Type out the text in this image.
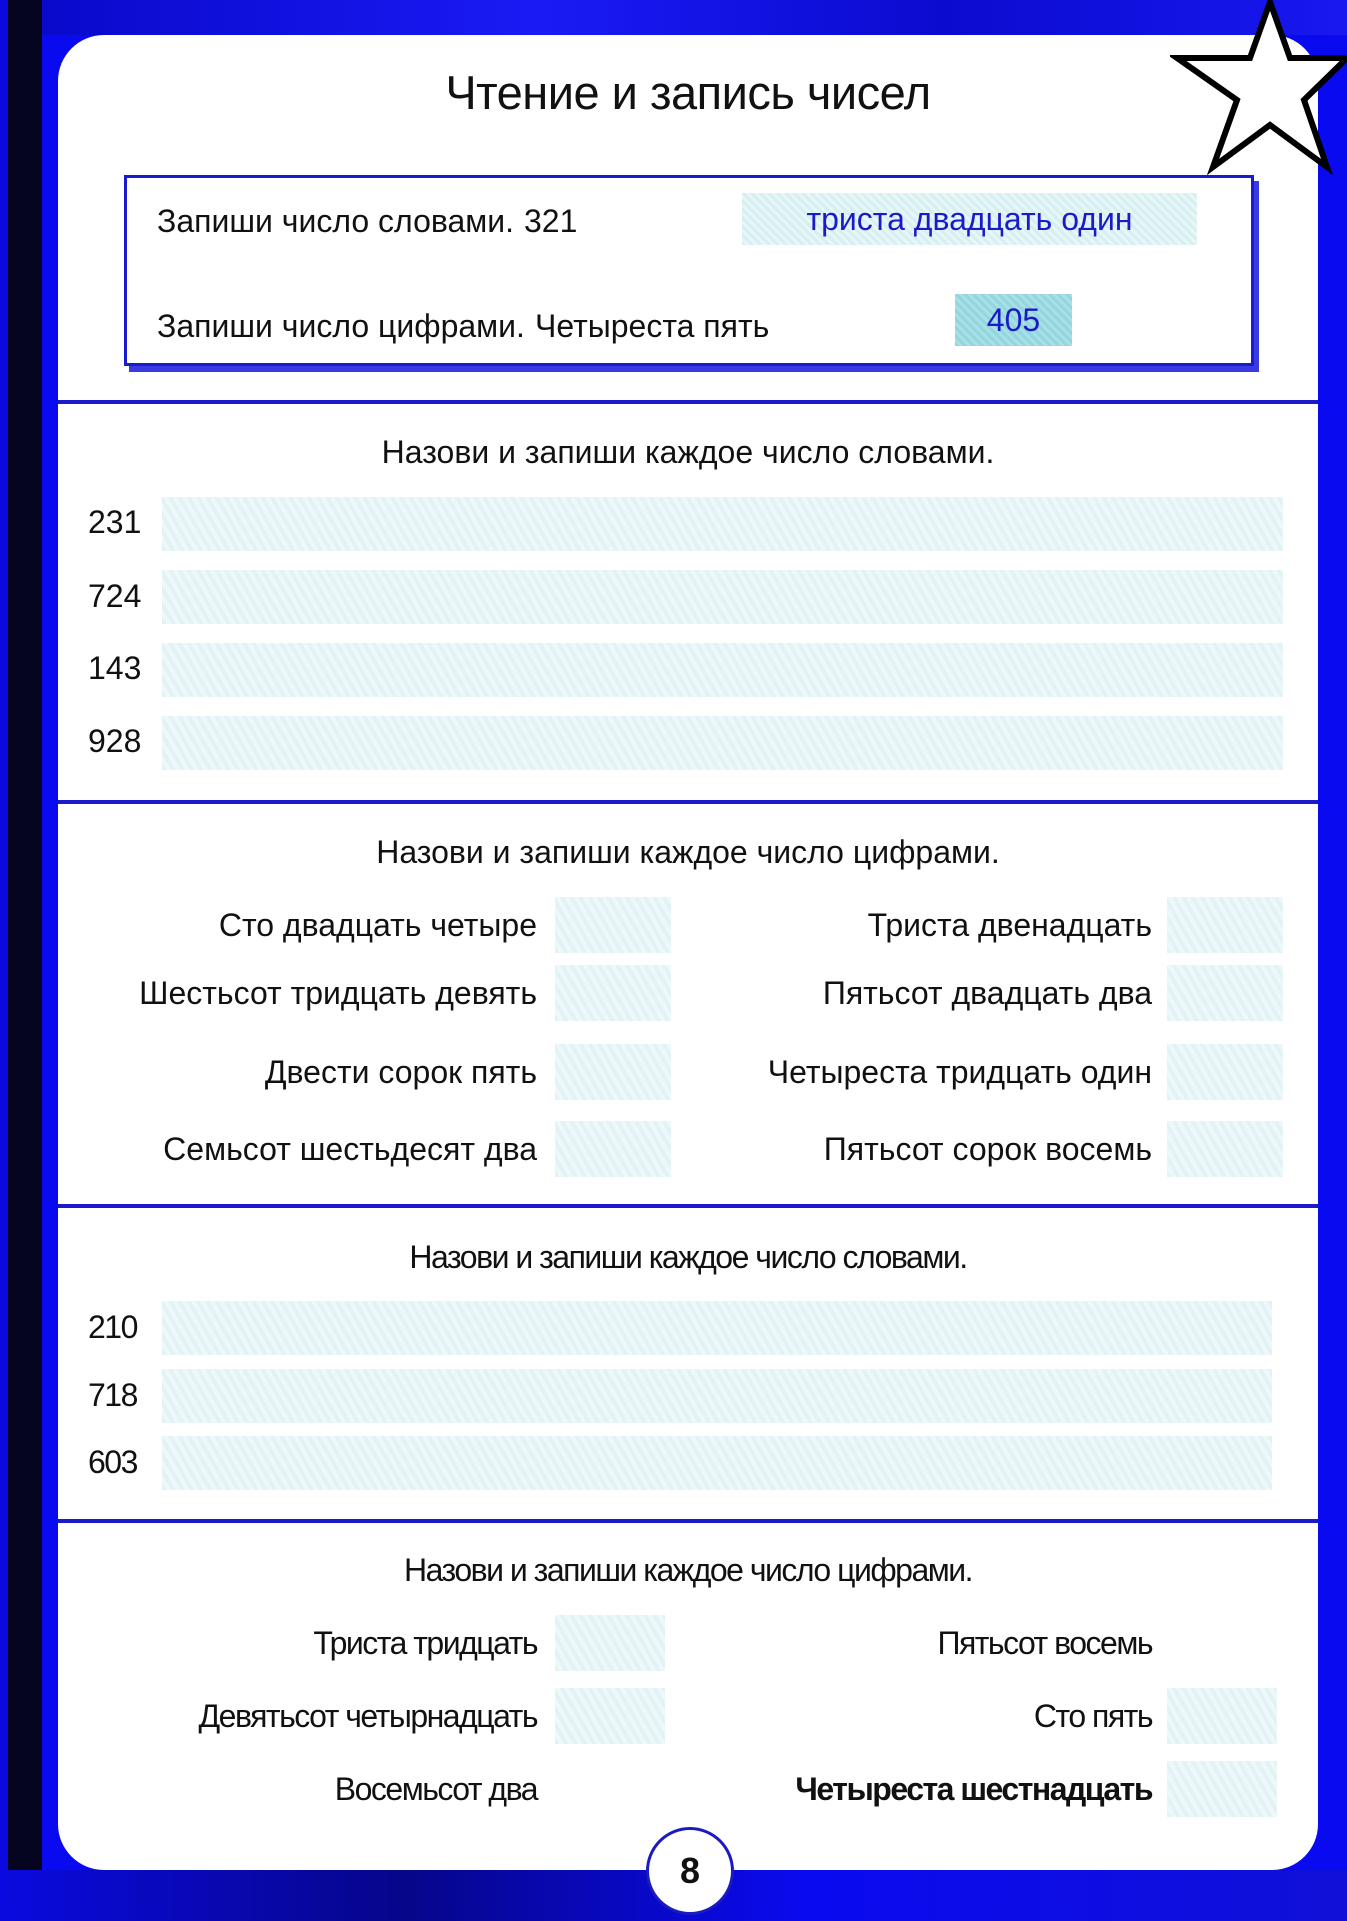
Чтение и запись чисел
Запиши число словами. 321	триста двадцать один
Запиши число цифрами. Четыреста пять	405
Назови и запиши каждое число словами.
231
724
143
928
Назови и запиши каждое число цифрами.
Сто двадцать четыре	Триста двенадцать
Шестьсот тридцать девять	Пятьсот двадцать два
Двести сорок пять	Четыреста тридцать один
Семьсот шестьдесят два	Пятьсот сорок восемь
Назови и запиши каждое число словами.
210
718
603
Назови и запиши каждое число цифрами.
Триста тридцать	Пятьсот восемь
Девятьсот четырнадцать	Сто пять
Восемьсот два	Четыреста шестнадцать
8
